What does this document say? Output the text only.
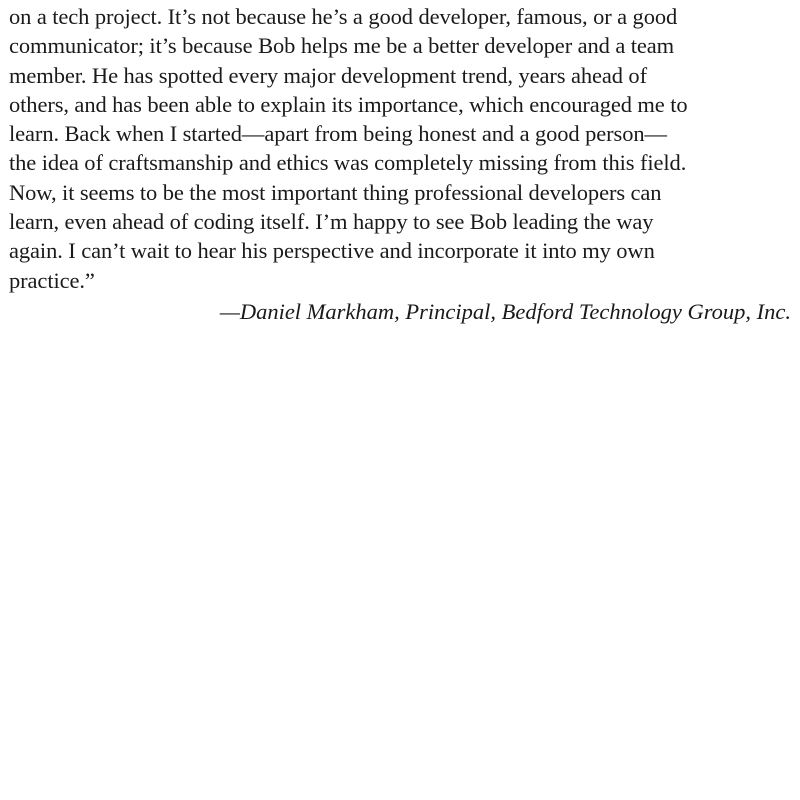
on a tech project. It’s not because he’s a good developer, famous, or a good
communicator; it’s because Bob helps me be a better developer and a team
member. He has spotted every major development trend, years ahead of
others, and has been able to explain its importance, which encouraged me to
learn. Back when I started—apart from being honest and a good person—
the idea of craftsmanship and ethics was completely missing from this field.
Now, it seems to be the most important thing professional developers can
learn, even ahead of coding itself. I’m happy to see Bob leading the way
again. I can’t wait to hear his perspective and incorporate it into my own
practice.”

—Daniel Markham, Principal, Bedford Technology Group, Inc.
